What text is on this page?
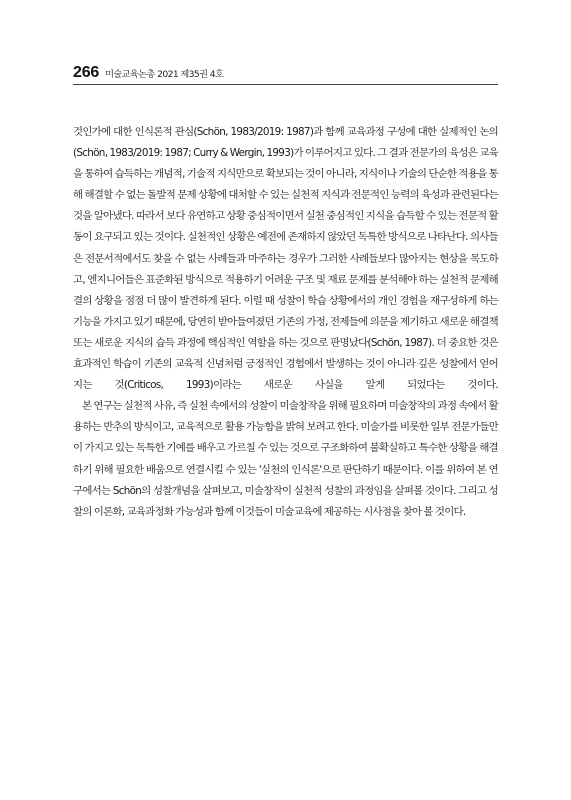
266 미술교육논총 2021 제35권 4호

것인가에 대한 인식론적 관심(Schön, 1983/2019: 1987)과 함께 교육과정 구성에 대한 실제적인 논의(Schön, 1983/2019: 1987; Curry & Wergin, 1993)가 이루어지고 있다. 그 결과 전문가의 육성은 교육을 통하여 습득하는 개념적, 기술적 지식만으로 확보되는 것이 아니라, 지식이나 기술의 단순한 적용을 통해 해결할 수 없는 돌발적 문제 상황에 대처할 수 있는 실천적 지식과 전문적인 능력의 육성과 관련된다는 것을 알아냈다. 따라서 보다 유연하고 상황 중심적이면서 실천 중심적인 지식을 습득할 수 있는 전문적 활동이 요구되고 있는 것이다. 실천적인 상황은 예전에 존재하지 않았던 독특한 방식으로 나타난다. 의사들은 전문서적에서도 찾을 수 없는 사례들과 마주하는 경우가 그러한 사례들보다 많아지는 현상을 목도하고, 엔지니어들은 표준화된 방식으로 적용하기 어려운 구조 및 재료 문제를 분석해야 하는 실천적 문제해결의 상황을 점점 더 많이 발견하게 된다. 이럴 때 성찰이 학습 상황에서의 개인 경험을 재구성하게 하는 기능을 가지고 있기 때문에, 당연히 받아들여졌던 기존의 가정, 전제들에 의문을 제기하고 새로운 해결책 또는 새로운 지식의 습득 과정에 핵심적인 역할을 하는 것으로 판명났다(Schön, 1987). 더 중요한 것은 효과적인 학습이 기존의 교육적 신념처럼 긍정적인 경험에서 발생하는 것이 아니라 깊은 성찰에서 얻어지는 것(Criticos, 1993)이라는 새로운 사실을 알게 되었다는 것이다.

본 연구는 실천적 사유, 즉 실천 속에서의 성찰이 미술창작을 위해 필요하며 미술창작의 과정 속에서 활용하는 반추의 방식이고, 교육적으로 활용 가능함을 밝혀 보려고 한다. 미술가를 비롯한 일부 전문가들만이 가지고 있는 독특한 기예를 배우고 가르칠 수 있는 것으로 구조화하여 불확실하고 특수한 상황을 해결하기 위해 필요한 배움으로 연결시킬 수 있는 '실천의 인식론'으로 판단하기 때문이다. 이를 위하여 본 연구에서는 Schön의 성찰개념을 살펴보고, 미술창작이 실천적 성찰의 과정임을 살펴볼 것이다. 그리고 성찰의 이론화, 교육과정화 가능성과 함께 이것들이 미술교육에 제공하는 시사점을 찾아 볼 것이다.
